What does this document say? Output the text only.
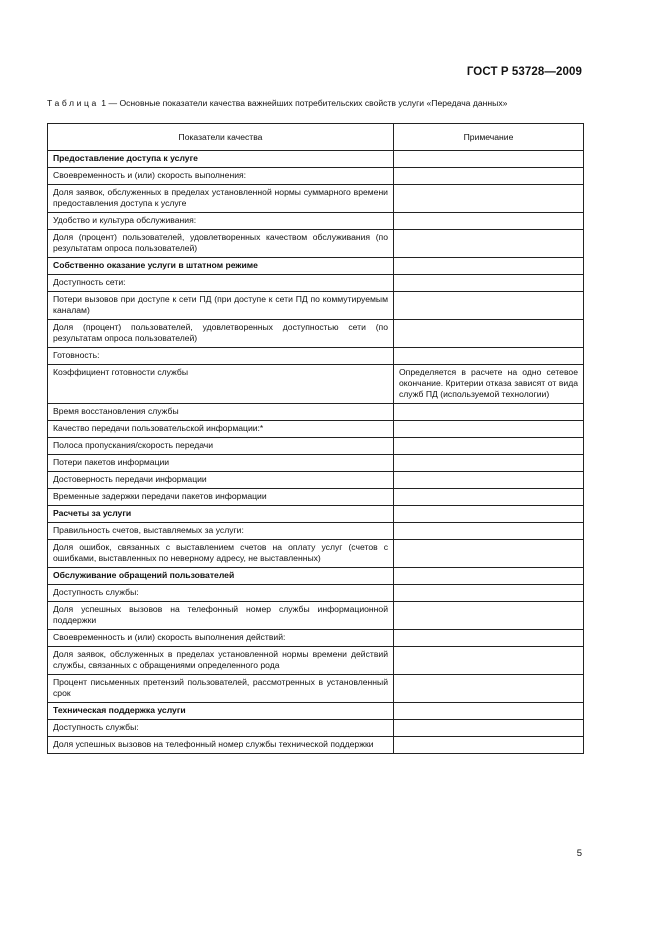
ГОСТ Р 53728—2009
Таблица 1 — Основные показатели качества важнейших потребительских свойств услуги «Передача данных»
Показатели качества	Примечание
Предоставление доступа к услуге	
Своевременность и (или) скорость выполнения:	
Доля заявок, обслуженных в пределах установленной нормы суммарного времени предоставления доступа к услуге	
Удобство и культура обслуживания:	
Доля (процент) пользователей, удовлетворенных качеством обслуживания (по результатам опроса пользователей)	
Собственно оказание услуги в штатном режиме	
Доступность сети:	
Потери вызовов при доступе к сети ПД (при доступе к сети ПД по коммутируемым каналам)	
Доля (процент) пользователей, удовлетворенных доступностью сети (по результатам опроса пользователей)	
Готовность:	
Коэффициент готовности службы	Определяется в расчете на одно сетевое окончание. Критерии отказа зависят от вида служб ПД (используемой технологии)
Время восстановления службы	
Качество передачи пользовательской информации:*	
Полоса пропускания/скорость передачи	
Потери пакетов информации	
Достоверность передачи информации	
Временные задержки передачи пакетов информации	
Расчеты за услуги	
Правильность счетов, выставляемых за услуги:	
Доля ошибок, связанных с выставлением счетов на оплату услуг (счетов с ошибками, выставленных по неверному адресу, не выставленных)	
Обслуживание обращений пользователей	
Доступность службы:	
Доля успешных вызовов на телефонный номер службы информационной поддержки	
Своевременность и (или) скорость выполнения действий:	
Доля заявок, обслуженных в пределах установленной нормы времени действий службы, связанных с обращениями определенного рода	
Процент письменных претензий пользователей, рассмотренных в установленный срок	
Техническая поддержка услуги	
Доступность службы:	
Доля успешных вызовов на телефонный номер службы технической поддержки	
5
